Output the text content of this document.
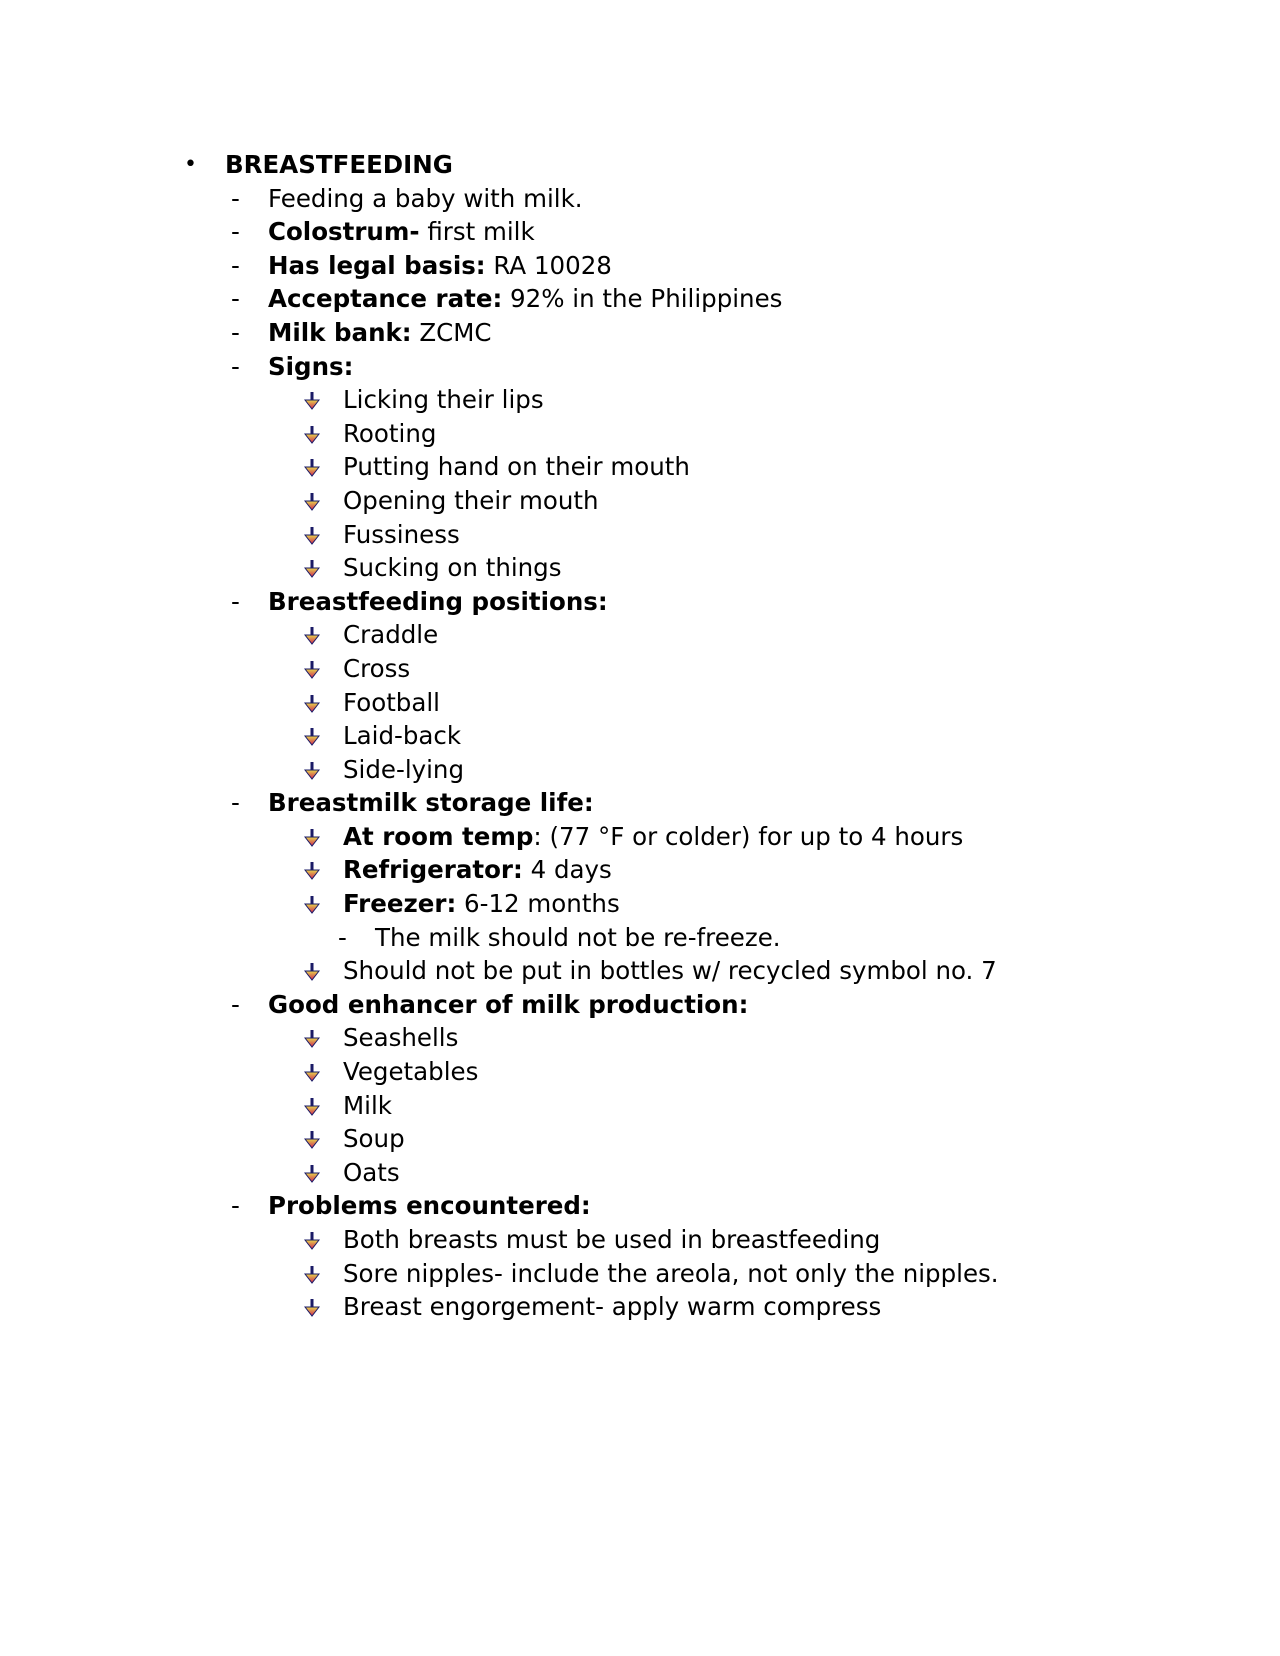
• BREASTFEEDING
- Feeding a baby with milk.
- Colostrum- first milk
- Has legal basis: RA 10028
- Acceptance rate: 92% in the Philippines
- Milk bank: ZCMC
- Signs:
Licking their lips
Rooting
Putting hand on their mouth
Opening their mouth
Fussiness
Sucking on things
- Breastfeeding positions:
Craddle
Cross
Football
Laid-back
Side-lying
- Breastmilk storage life:
At room temp: (77 °F or colder) for up to 4 hours
Refrigerator: 4 days
Freezer: 6-12 months
- The milk should not be re-freeze.
Should not be put in bottles w/ recycled symbol no. 7
- Good enhancer of milk production:
Seashells
Vegetables
Milk
Soup
Oats
- Problems encountered:
Both breasts must be used in breastfeeding
Sore nipples- include the areola, not only the nipples.
Breast engorgement- apply warm compress
